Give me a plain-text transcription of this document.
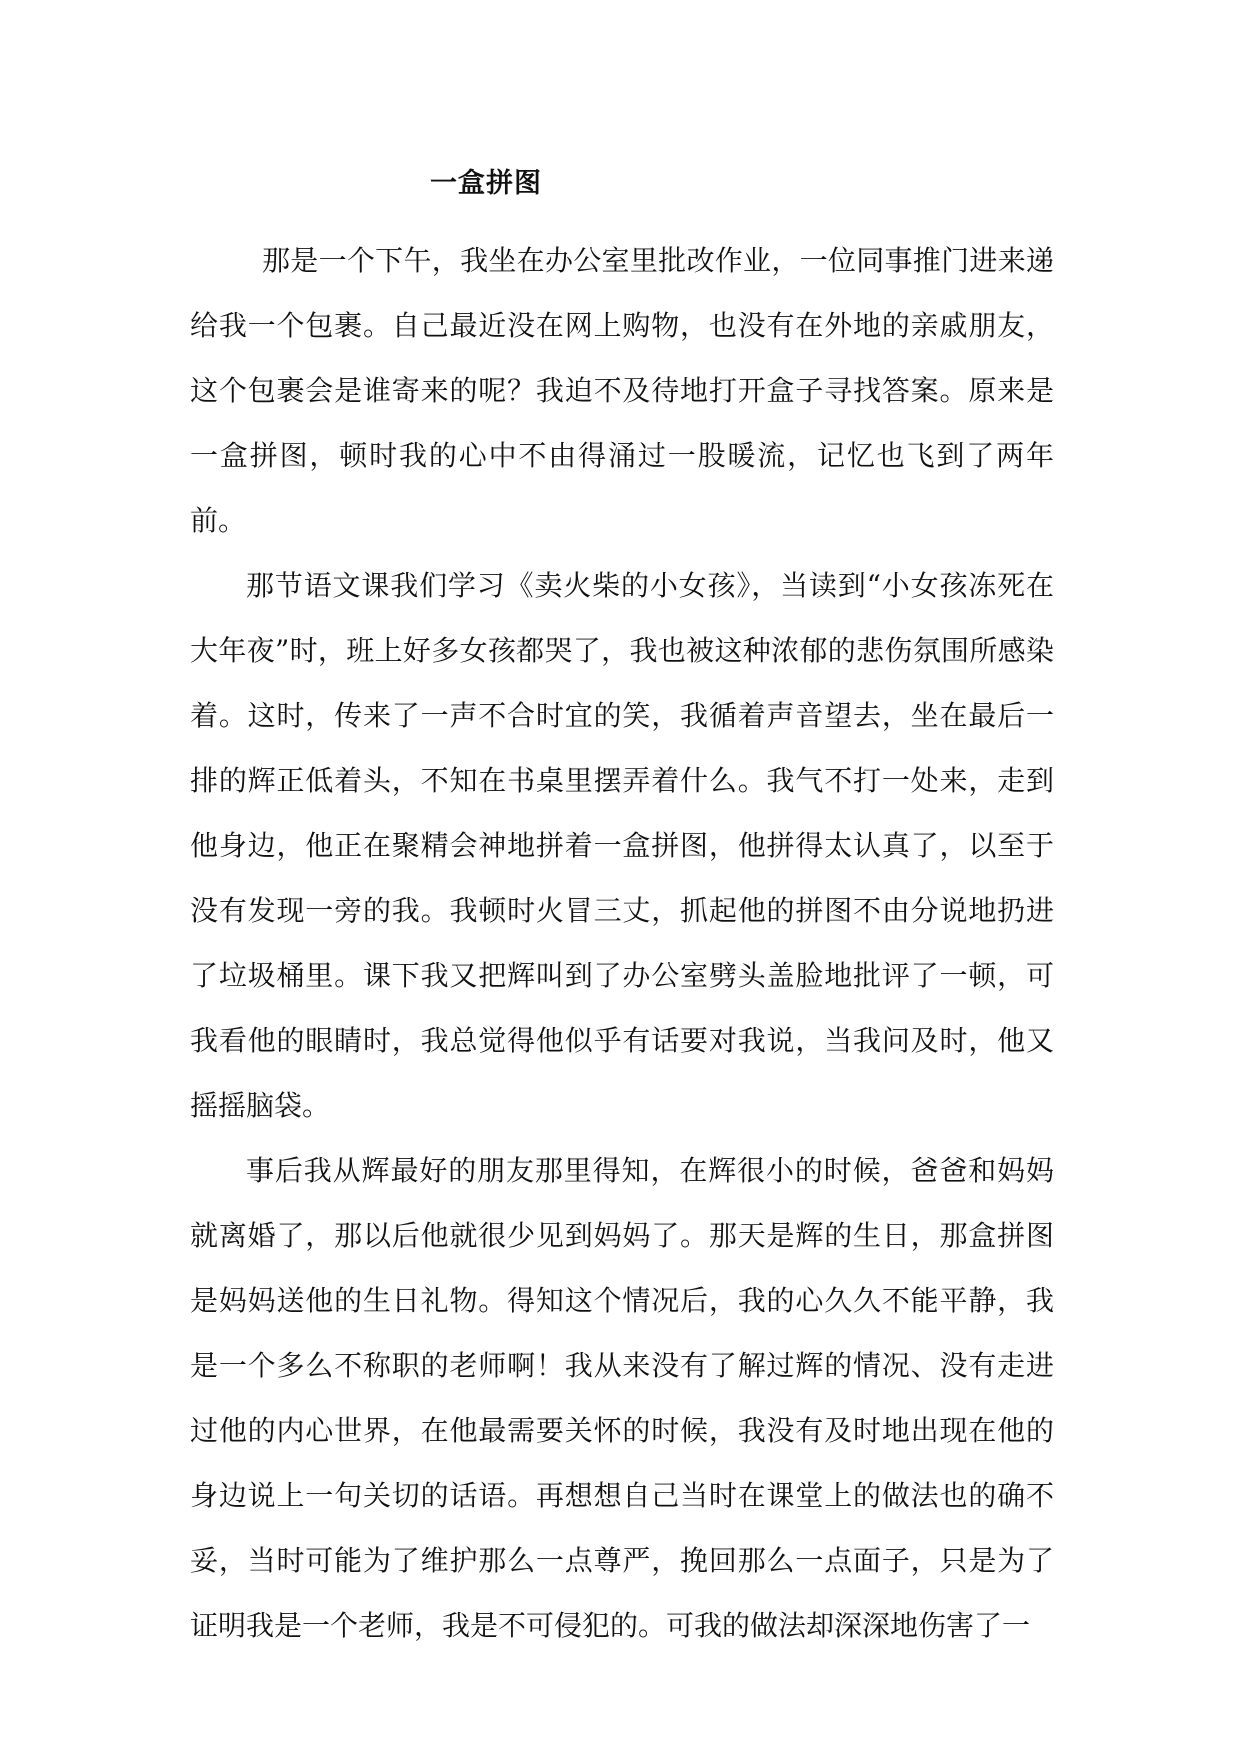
一盒拼图

那是一个下午，我坐在办公室里批改作业，一位同事推门进来递给我一个包裹。自己最近没在网上购物，也没有在外地的亲戚朋友，这个包裹会是谁寄来的呢？我迫不及待地打开盒子寻找答案。原来是一盒拼图，顿时我的心中不由得涌过一股暖流，记忆也飞到了两年前。

那节语文课我们学习《卖火柴的小女孩》，当读到“小女孩冻死在大年夜”时，班上好多女孩都哭了，我也被这种浓郁的悲伤氛围所感染着。这时，传来了一声不合时宜的笑，我循着声音望去，坐在最后一排的辉正低着头，不知在书桌里摆弄着什么。我气不打一处来，走到他身边，他正在聚精会神地拼着一盒拼图，他拼得太认真了，以至于没有发现一旁的我。我顿时火冒三丈，抓起他的拼图不由分说地扔进了垃圾桶里。课下我又把辉叫到了办公室劈头盖脸地批评了一顿，可我看他的眼睛时，我总觉得他似乎有话要对我说，当我问及时，他又摇摇脑袋。

事后我从辉最好的朋友那里得知，在辉很小的时候，爸爸和妈妈就离婚了，那以后他就很少见到妈妈了。那天是辉的生日，那盒拼图是妈妈送他的生日礼物。得知这个情况后，我的心久久不能平静，我是一个多么不称职的老师啊！我从来没有了解过辉的情况、没有走进过他的内心世界，在他最需要关怀的时候，我没有及时地出现在他的身边说上一句关切的话语。再想想自己当时在课堂上的做法也的确不妥，当时可能为了维护那么一点尊严，挽回那么一点面子，只是为了证明我是一个老师，我是不可侵犯的。可我的做法却深深地伤害了一
